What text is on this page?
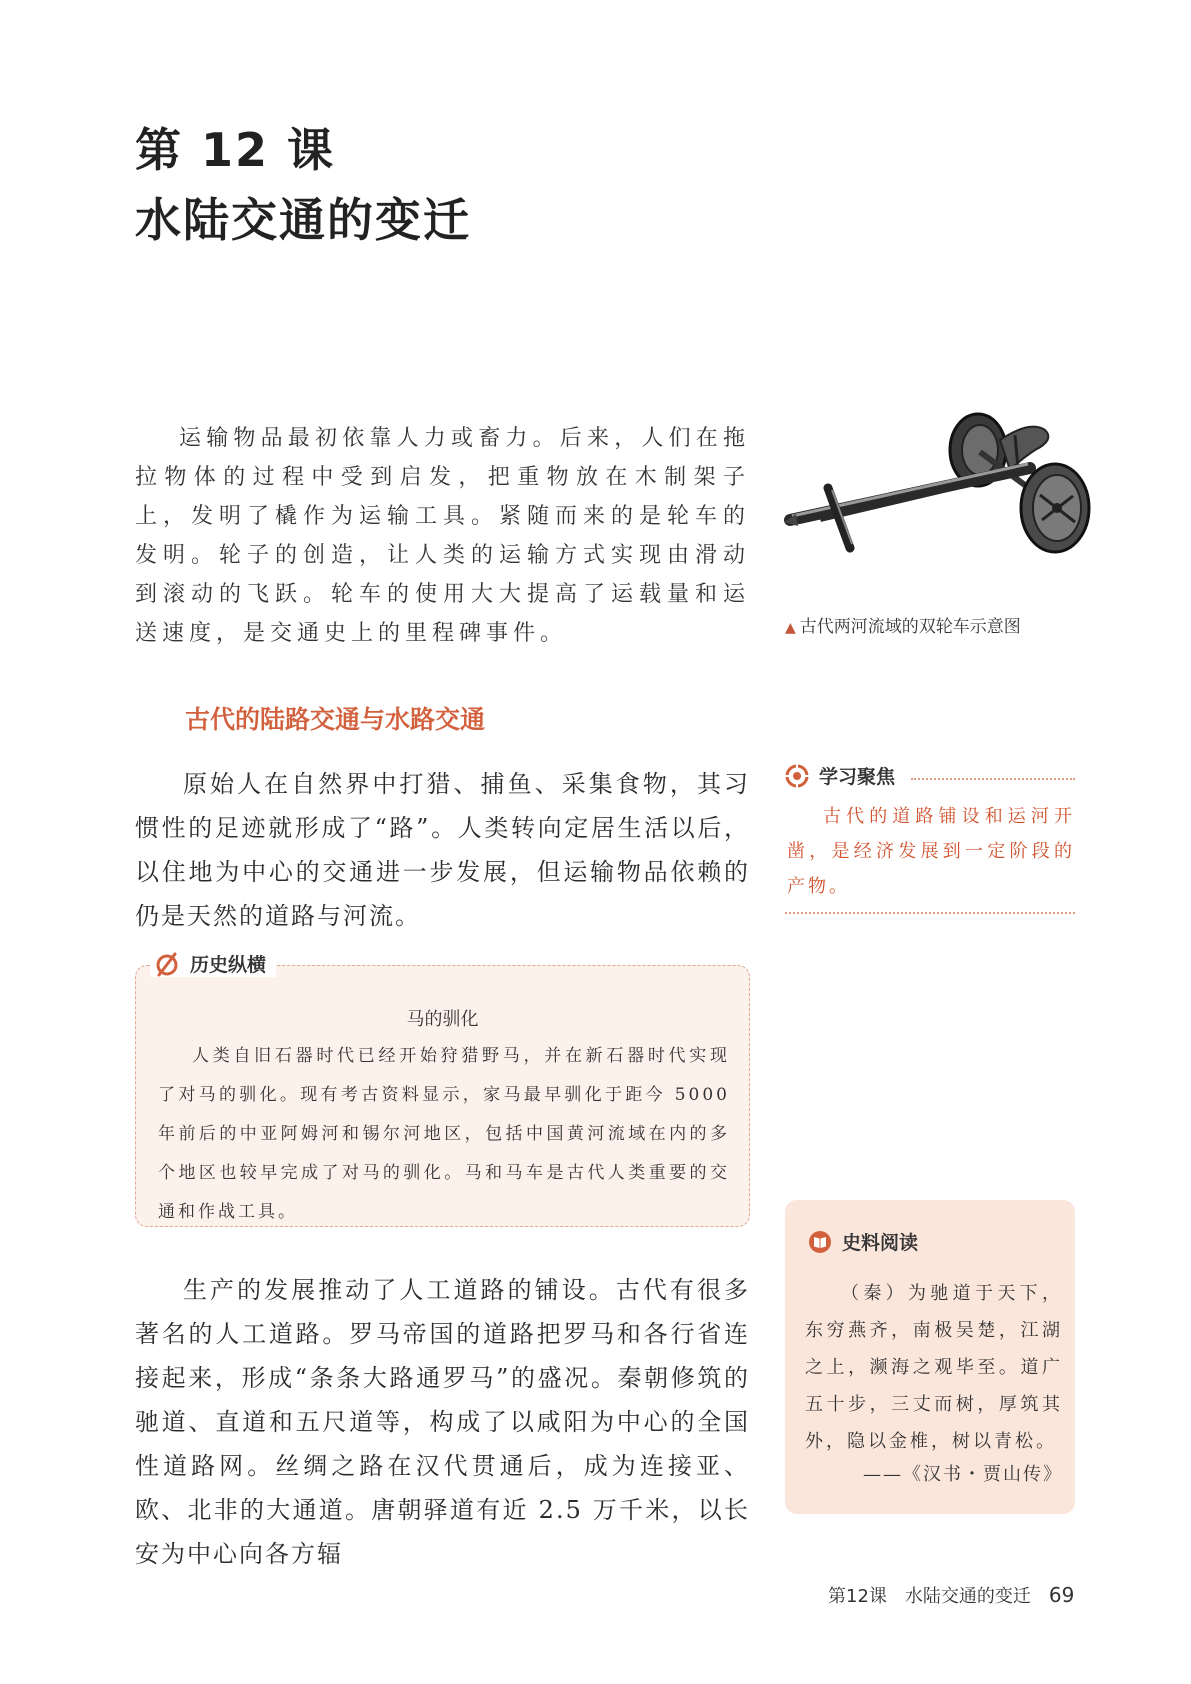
第 12 课
水陆交通的变迁

运输物品最初依靠人力或畜力。后来，人们在拖拉物体的过程中受到启发，把重物放在木制架子上，发明了橇作为运输工具。紧随而来的是轮车的发明。轮子的创造，让人类的运输方式实现由滑动到滚动的飞跃。轮车的使用大大提高了运载量和运送速度，是交通史上的里程碑事件。	▲ 古代两河流域的双轮车示意图
古代的陆路交通与水路交通

原始人在自然界中打猎、捕鱼、采集食物，其习惯性的足迹就形成了“路”。人类转向定居生活以后，以住地为中心的交通进一步发展，但运输物品依赖的仍是天然的道路与河流。

学习聚焦

古代的道路铺设和运河开凿，是经济发展到一定阶段的产物。

历史纵横
马的驯化

人类自旧石器时代已经开始狩猎野马，并在新石器时代实现了对马的驯化。现有考古资料显示，家马最早驯化于距今 5000 年前后的中亚阿姆河和锡尔河地区，包括中国黄河流域在内的多个地区也较早完成了对马的驯化。马和马车是古代人类重要的交通和作战工具。

生产的发展推动了人工道路的铺设。古代有很多著名的人工道路。罗马帝国的道路把罗马和各行省连接起来，形成“条条大路通罗马”的盛况。秦朝修筑的驰道、直道和五尺道等，构成了以咸阳为中心的全国性道路网。丝绸之路在汉代贯通后，成为连接亚、欧、北非的大通道。唐朝驿道有近 2.5 万千米，以长安为中心向各方辐

史料阅读

（秦）为驰道于天下，东穷燕齐，南极吴楚，江湖之上，濒海之观毕至。道广五十步，三丈而树，厚筑其外，隐以金椎，树以青松。

——《汉书・贾山传》
第12课　水陆交通的变迁 69
